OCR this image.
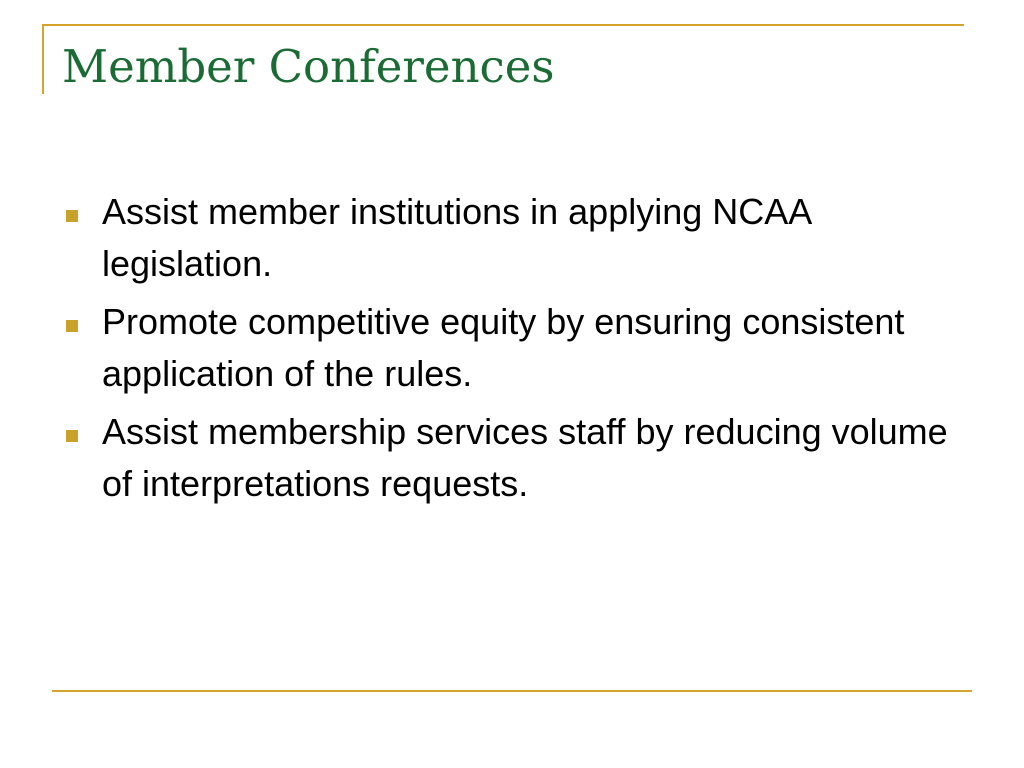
Member Conferences
Assist member institutions in applying NCAA legislation.
Promote competitive equity by ensuring consistent application of the rules.
Assist membership services staff by reducing volume of interpretations requests.
